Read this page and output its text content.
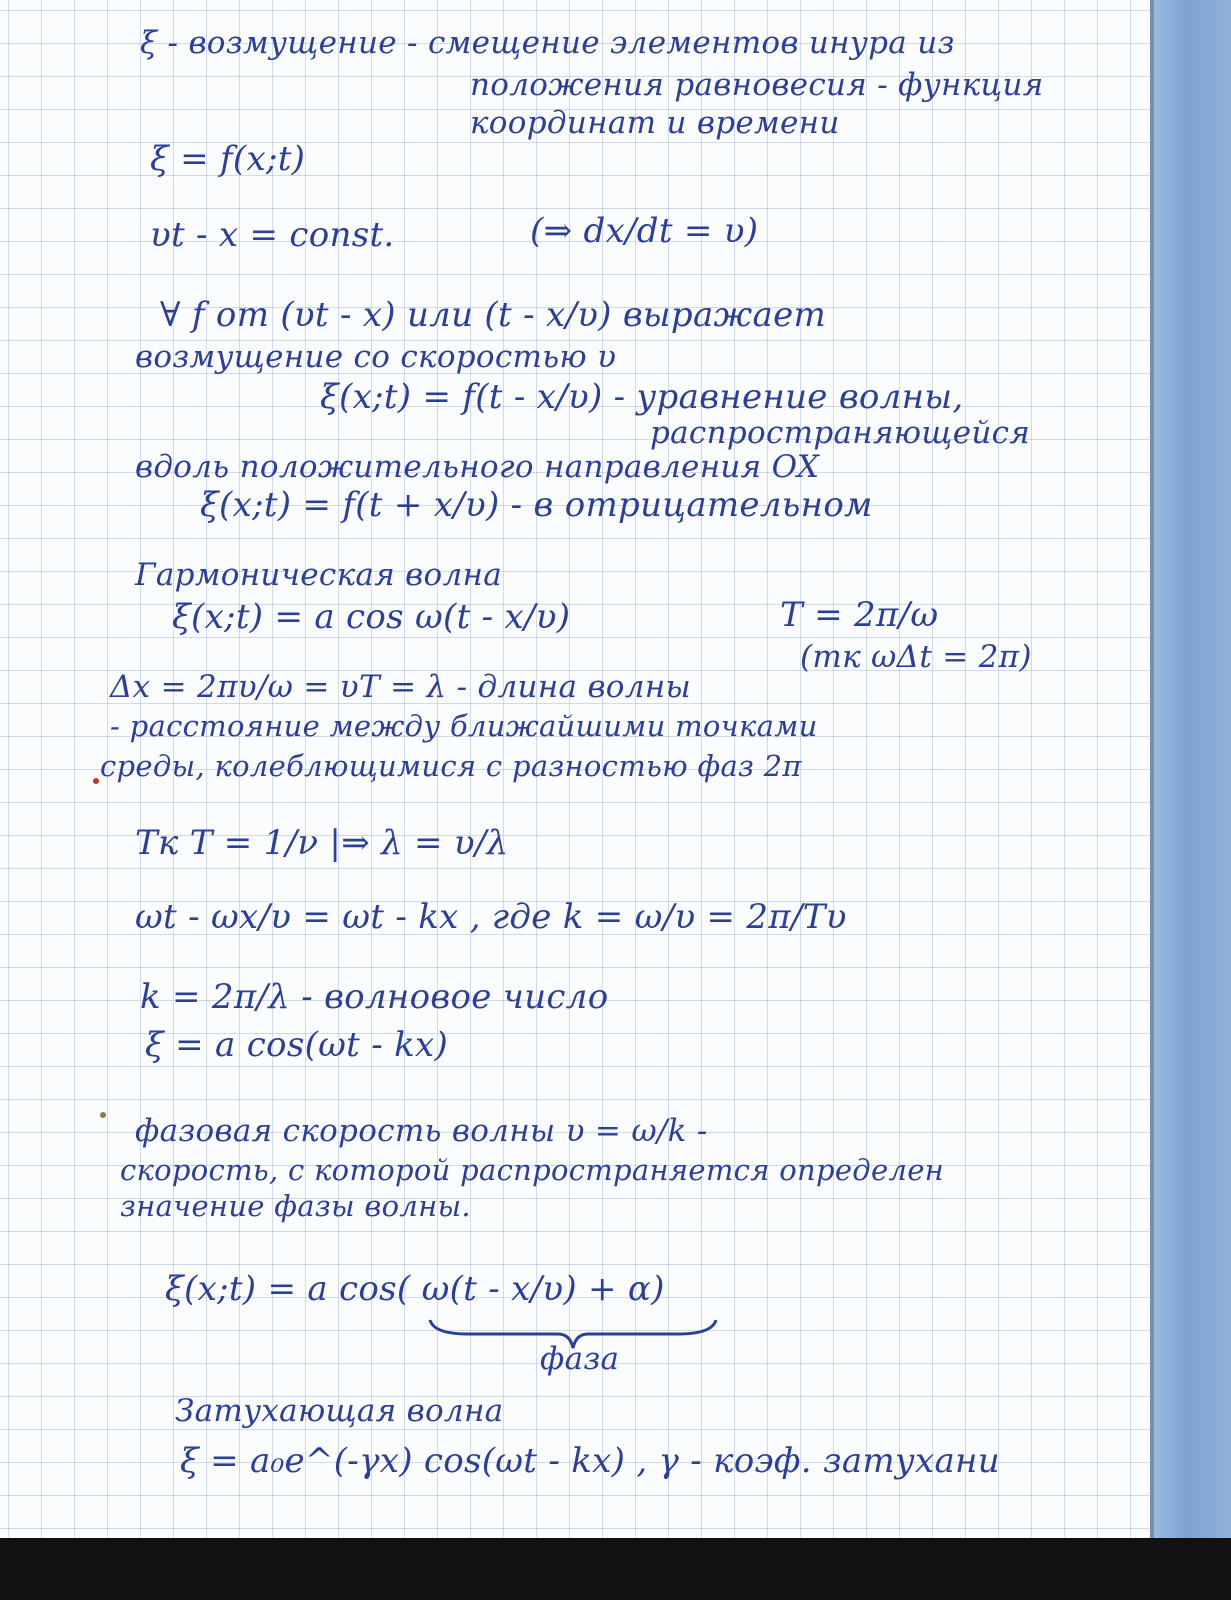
ξ - возмущение - смещение элементов инура из

положения равновесия - функция

координат и времени

ξ = f(x;t)

υt - x = const.	(⇒ dx/dt = υ)

∀ f от (υt - x) или (t - x/υ) выражает

возмущение со скоростью υ

ξ(x;t) = f(t - x/υ) - уравнение волны,

распространяющейся

вдоль положительного направления OX

ξ(x;t) = f(t + x/υ) - в отрицательном

Гармоническая волна

ξ(x;t) = a cos ω(t - x/υ)	T = 2π/ω

(тк ωΔt = 2π)

Δx = 2πυ/ω = υT = λ - длина волны

- расстояние между ближайшими точками

среды, колеблющимися с разностью фаз 2π

Тк T = 1/ν |⇒ λ = υ/λ

ωt - ωx/υ = ωt - kx , где k = ω/υ = 2π/Tυ

k = 2π/λ - волновое число

ξ = a cos(ωt - kx)

фазовая скорость волны υ = ω/k -

скорость, с которой распространяется определен

значение фазы волны.

ξ(x;t) = a cos( ω(t - x/υ) + α)

фаза

Затухающая волна

ξ = a₀e^(-γx) cos(ωt - kx) , γ - коэф. затухани
